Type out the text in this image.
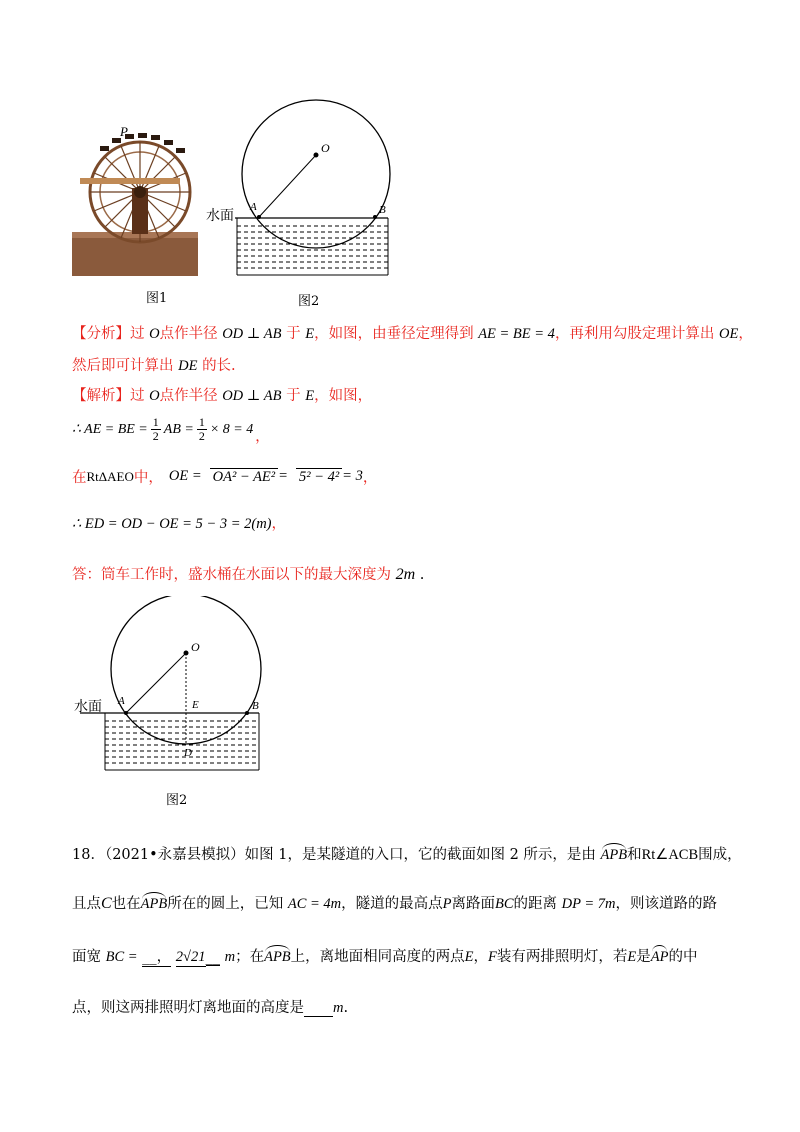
P
图1
O
A	B
水面
图2
【分析】过 O点作半径 OD ⊥ AB 于 E，如图，由垂径定理得到 AE = BE = 4，再利用勾股定理计算出 OE，
然后即可计算出 DE 的长.
【解析】过 O点作半径 OD ⊥ AB 于 E，如图，
∴ AE = BE = $\frac{1}{2}$ AB = $\frac{1}{2} \times 8 = 4$
，
在 RtΔAEO 中， OE = OA² − AE² = 5² − 4² = 3 ，
∴ ED = OD − OE = 5 − 3 = 2(m)，
答：筒车工作时，盛水桶在水面以下的最大深度为 2m .
O
A	B
E
D
水面
图2
18．（2021•永嘉县模拟）如图 1，是某隧道的入口，它的截面如图 2 所示，是由 APB和Rt∠ACB围成，
且点C也在APB所在的圆上，已知 AC = 4m，隧道的最高点P离路面BC的距离 DP = 7m，则该道路的路
面宽 BC = __， 2√21__ m；在APB上，离地面相同高度的两点E，F装有两排照明灯，若E是AP的中
点，则这两排照明灯离地面的高度是 m.
